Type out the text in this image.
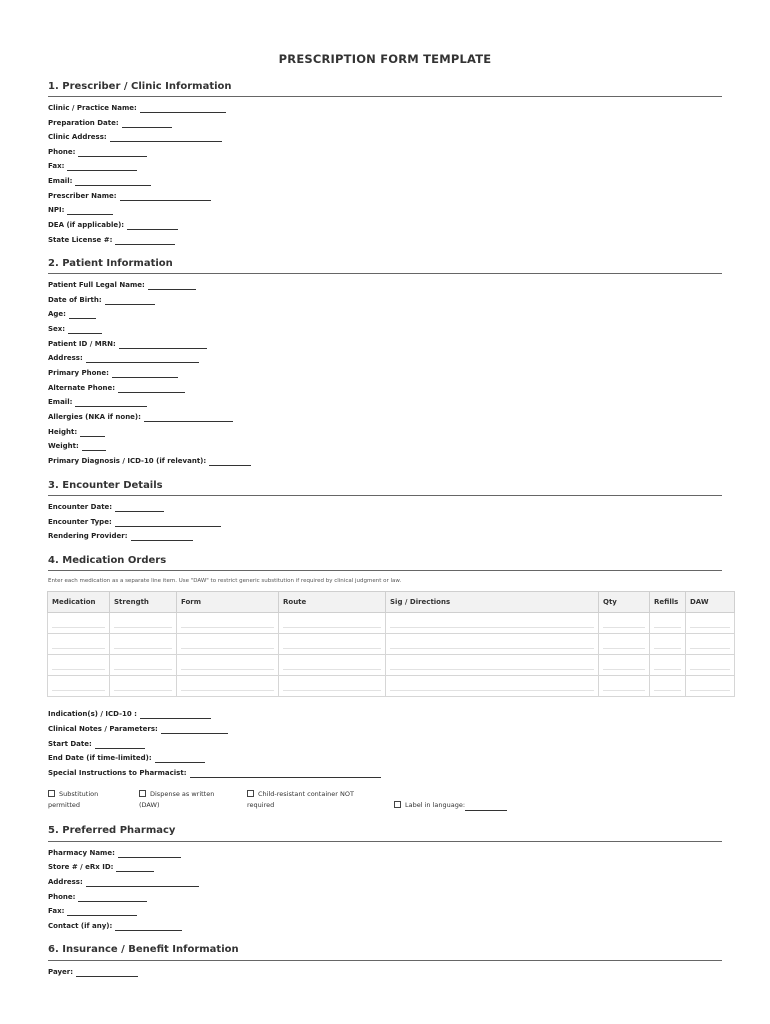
PRESCRIPTION FORM TEMPLATE
1. Prescriber / Clinic Information
Clinic / Practice Name:
Preparation Date:
Clinic Address:
Phone:
Fax:
Email:
Prescriber Name:
NPI:
DEA (if applicable):
State License #:
2. Patient Information
Patient Full Legal Name:
Date of Birth:
Age:
Sex:
Patient ID / MRN:
Address:
Primary Phone:
Alternate Phone:
Email:
Allergies (NKA if none):
Height:
Weight:
Primary Diagnosis / ICD-10 (if relevant):
3. Encounter Details
Encounter Date:
Encounter Type:
Rendering Provider:
4. Medication Orders
Enter each medication as a separate line item. Use "DAW" to restrict generic substitution if required by clinical judgment or law.
Medication	Strength	Form	Route	Sig / Directions	Qty	Refills	DAW

Indication(s) / ICD-10 :
Clinical Notes / Parameters:
Start Date:
End Date (if time-limited):
Special Instructions to Pharmacist:
Substitution
permitted
Dispense as written
(DAW)
Child-resistant container NOT
required	Label in language:
5. Preferred Pharmacy
Pharmacy Name:
Store # / eRx ID:
Address:
Phone:
Fax:
Contact (if any):
6. Insurance / Benefit Information
Payer:
